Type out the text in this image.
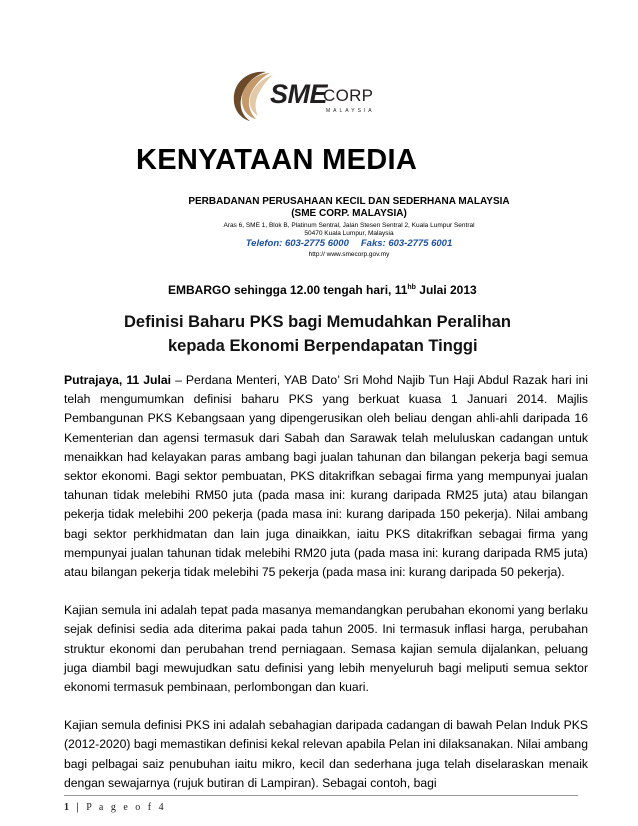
SME
CORP
MALAYSIA
KENYATAAN MEDIA
PERBADANAN PERUSAHAAN KECIL DAN SEDERHANA MALAYSIA
(SME CORP. MALAYSIA)
Aras 6, SME 1, Blok B, Platinum Sentral, Jalan Stesen Sentral 2, Kuala Lumpur Sentral
50470 Kuala Lumpur, Malaysia
Telefon: 603-2775 6000 Faks: 603-2775 6001
http:// www.smecorp.gov.my
EMBARGO sehingga 12.00 tengah hari, $11^{hb}$ Julai 2013
Definisi Baharu PKS bagi Memudahkan Peralihan
kepada Ekonomi Berpendapatan Tinggi

Putrajaya, 11 Julai – Perdana Menteri, YAB Dato’ Sri Mohd Najib Tun Haji Abdul Razak hari ini telah mengumumkan definisi baharu PKS yang berkuat kuasa 1 Januari 2014. Majlis Pembangunan PKS Kebangsaan yang dipengerusikan oleh beliau dengan ahli-ahli daripada 16 Kementerian dan agensi termasuk dari Sabah dan Sarawak telah meluluskan cadangan untuk menaikkan had kelayakan paras ambang bagi jualan tahunan dan bilangan pekerja bagi semua sektor ekonomi. Bagi sektor pembuatan, PKS ditakrifkan sebagai firma yang mempunyai jualan tahunan tidak melebihi RM50 juta (pada masa ini: kurang daripada RM25 juta) atau bilangan pekerja tidak melebihi 200 pekerja (pada masa ini: kurang daripada 150 pekerja). Nilai ambang bagi sektor perkhidmatan dan lain juga dinaikkan, iaitu PKS ditakrifkan sebagai firma yang mempunyai jualan tahunan tidak melebihi RM20 juta (pada masa ini: kurang daripada RM5 juta) atau bilangan pekerja tidak melebihi 75 pekerja (pada masa ini: kurang daripada 50 pekerja).

Kajian semula ini adalah tepat pada masanya memandangkan perubahan ekonomi yang berlaku sejak definisi sedia ada diterima pakai pada tahun 2005. Ini termasuk inflasi harga, perubahan struktur ekonomi dan perubahan trend perniagaan. Semasa kajian semula dijalankan, peluang juga diambil bagi mewujudkan satu definisi yang lebih menyeluruh bagi meliputi semua sektor ekonomi termasuk pembinaan, perlombongan dan kuari.

Kajian semula definisi PKS ini adalah sebahagian daripada cadangan di bawah Pelan Induk PKS (2012-2020) bagi memastikan definisi kekal relevan apabila Pelan ini dilaksanakan. Nilai ambang bagi pelbagai saiz penubuhan iaitu mikro, kecil dan sederhana juga telah diselaraskan menaik dengan sewajarnya (rujuk butiran di Lampiran). Sebagai contoh, bagi

1 | P a g e o f 4
